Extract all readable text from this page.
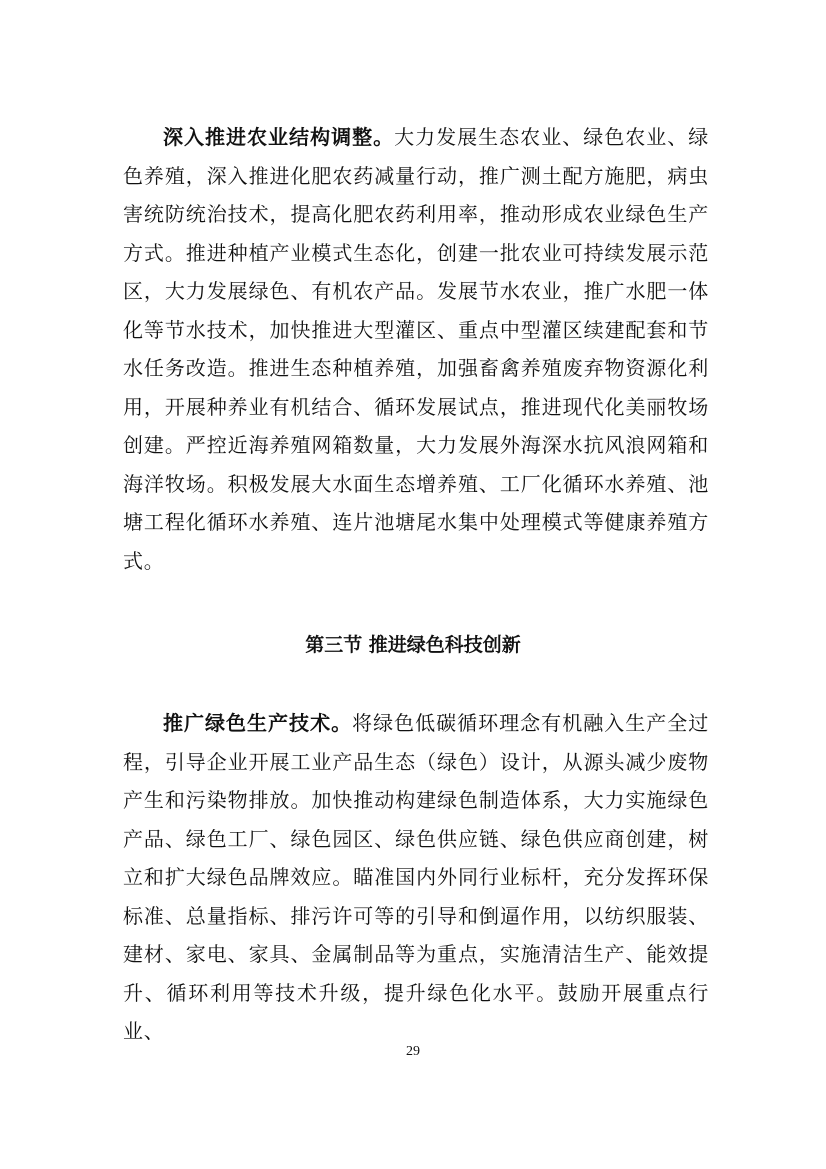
深入推进农业结构调整。大力发展生态农业、绿色农业、绿色养殖，深入推进化肥农药减量行动，推广测土配方施肥，病虫害统防统治技术，提高化肥农药利用率，推动形成农业绿色生产方式。推进种植产业模式生态化，创建一批农业可持续发展示范区，大力发展绿色、有机农产品。发展节水农业，推广水肥一体化等节水技术，加快推进大型灌区、重点中型灌区续建配套和节水任务改造。推进生态种植养殖，加强畜禽养殖废弃物资源化利用，开展种养业有机结合、循环发展试点，推进现代化美丽牧场创建。严控近海养殖网箱数量，大力发展外海深水抗风浪网箱和海洋牧场。积极发展大水面生态增养殖、工厂化循环水养殖、池塘工程化循环水养殖、连片池塘尾水集中处理模式等健康养殖方式。

第三节 推进绿色科技创新

推广绿色生产技术。将绿色低碳循环理念有机融入生产全过程，引导企业开展工业产品生态（绿色）设计，从源头减少废物产生和污染物排放。加快推动构建绿色制造体系，大力实施绿色产品、绿色工厂、绿色园区、绿色供应链、绿色供应商创建，树立和扩大绿色品牌效应。瞄准国内外同行业标杆，充分发挥环保标准、总量指标、排污许可等的引导和倒逼作用，以纺织服装、建材、家电、家具、金属制品等为重点，实施清洁生产、能效提升、循环利用等技术升级，提升绿色化水平。鼓励开展重点行业、

29
